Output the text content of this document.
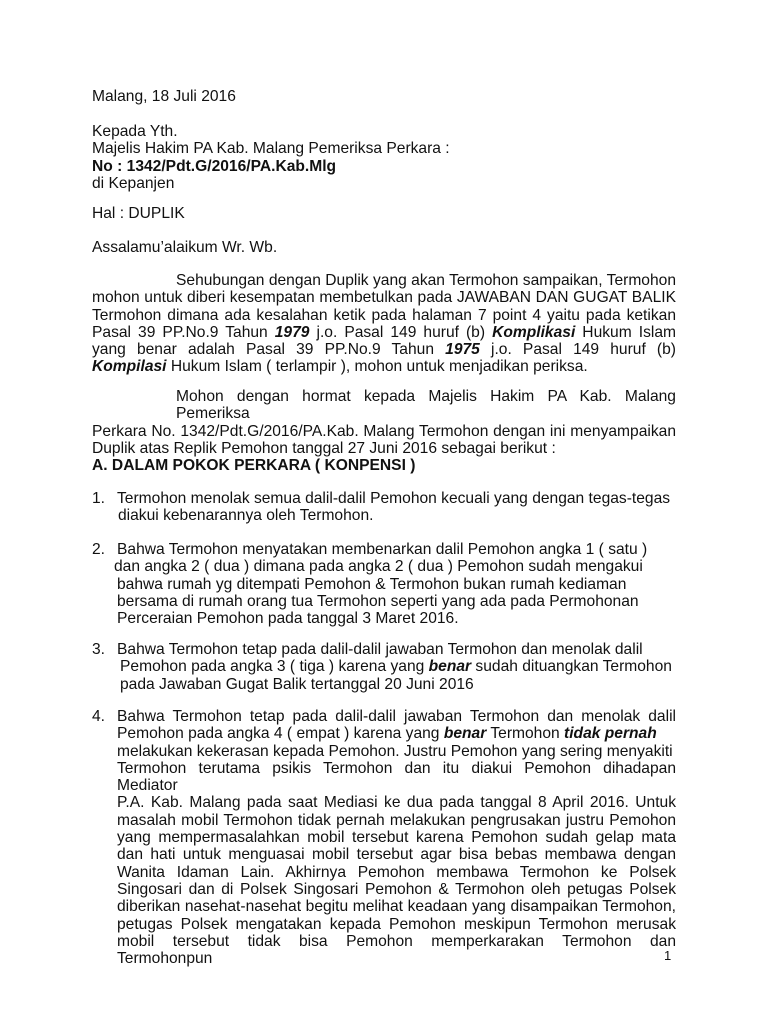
Malang, 18 Juli 2016
Kepada Yth.
Majelis Hakim PA Kab. Malang Pemeriksa Perkara :
No : 1342/Pdt.G/2016/PA.Kab.Mlg
di Kepanjen
Hal : DUPLIK
Assalamu’alaikum Wr. Wb.
Sehubungan dengan Duplik yang akan Termohon sampaikan, Termohon
mohon untuk diberi kesempatan membetulkan pada JAWABAN DAN GUGAT BALIK
Termohon dimana ada kesalahan ketik pada halaman 7 point 4 yaitu pada ketikan
Pasal 39 PP.No.9 Tahun 1979 j.o. Pasal 149 huruf (b) Komplikasi Hukum Islam
yang benar adalah Pasal 39 PP.No.9 Tahun 1975 j.o. Pasal 149 huruf (b)
Kompilasi Hukum Islam ( terlampir ), mohon untuk menjadikan periksa.
Mohon dengan hormat kepada Majelis Hakim PA Kab. Malang Pemeriksa
Perkara No. 1342/Pdt.G/2016/PA.Kab. Malang Termohon dengan ini menyampaikan
Duplik atas Replik Pemohon tanggal 27 Juni 2016 sebagai berikut :
A. DALAM POKOK PERKARA ( KONPENSI )
1. Termohon menolak semua dalil-dalil Pemohon kecuali yang dengan tegas-tegas
diakui kebenarannya oleh Termohon.
2. Bahwa Termohon menyatakan membenarkan dalil Pemohon angka 1 ( satu )
dan angka 2 ( dua ) dimana pada angka 2 ( dua ) Pemohon sudah mengakui
bahwa rumah yg ditempati Pemohon & Termohon bukan rumah kediaman
bersama di rumah orang tua Termohon seperti yang ada pada Permohonan
Perceraian Pemohon pada tanggal 3 Maret 2016.
3. Bahwa Termohon tetap pada dalil-dalil jawaban Termohon dan menolak dalil
Pemohon pada angka 3 ( tiga ) karena yang benar sudah dituangkan Termohon
pada Jawaban Gugat Balik tertanggal 20 Juni 2016
4. Bahwa Termohon tetap pada dalil-dalil jawaban Termohon dan menolak dalil
Pemohon pada angka 4 ( empat ) karena yang benar Termohon tidak pernah
melakukan kekerasan kepada Pemohon. Justru Pemohon yang sering menyakiti
Termohon terutama psikis Termohon dan itu diakui Pemohon dihadapan Mediator
P.A. Kab. Malang pada saat Mediasi ke dua pada tanggal 8 April 2016. Untuk
masalah mobil Termohon tidak pernah melakukan pengrusakan justru Pemohon
yang mempermasalahkan mobil tersebut karena Pemohon sudah gelap mata
dan hati untuk menguasai mobil tersebut agar bisa bebas membawa dengan
Wanita Idaman Lain. Akhirnya Pemohon membawa Termohon ke Polsek
Singosari dan di Polsek Singosari Pemohon & Termohon oleh petugas Polsek
diberikan nasehat-nasehat begitu melihat keadaan yang disampaikan Termohon,
petugas Polsek mengatakan kepada Pemohon meskipun Termohon merusak
mobil tersebut tidak bisa Pemohon memperkarakan Termohon dan Termohonpun	1
